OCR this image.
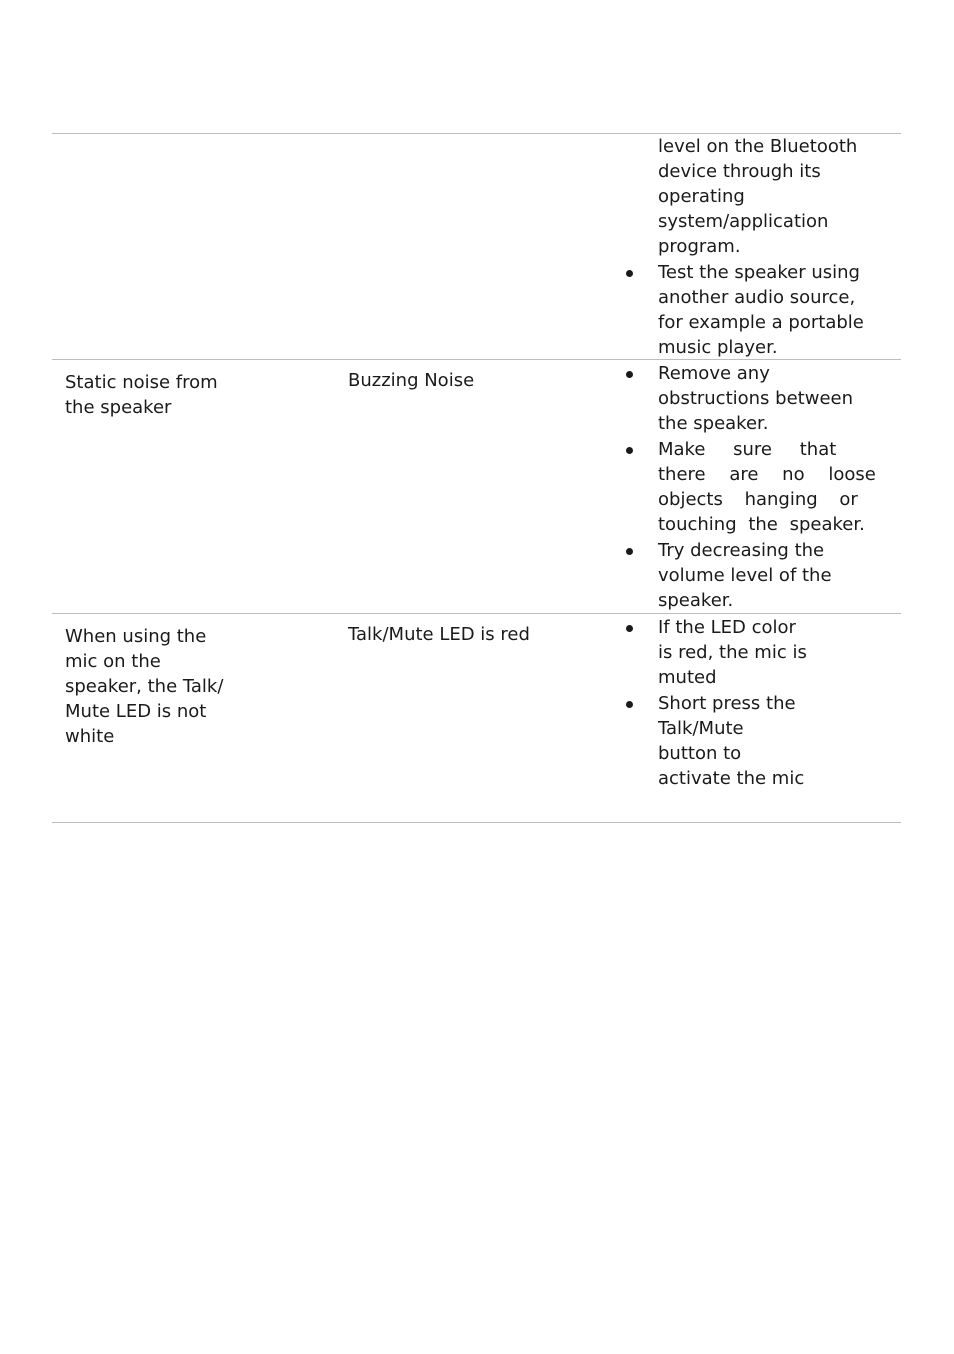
level on the Bluetooth
device through its
operating
system/application
program.
Test the speaker using
another audio source,
for example a portable
music player.
Static noise from
the speaker
Buzzing Noise	Remove any
obstructions between
the speaker.
Make sure that
there are no loose
objects hanging or
touching the speaker.
Try decreasing the
volume level of the
speaker.
When using the
mic on the
speaker, the Talk/
Mute LED is not
white
Talk/Mute LED is red	If the LED color
is red, the mic is
muted
Short press the
Talk/Mute
button to
activate the mic
